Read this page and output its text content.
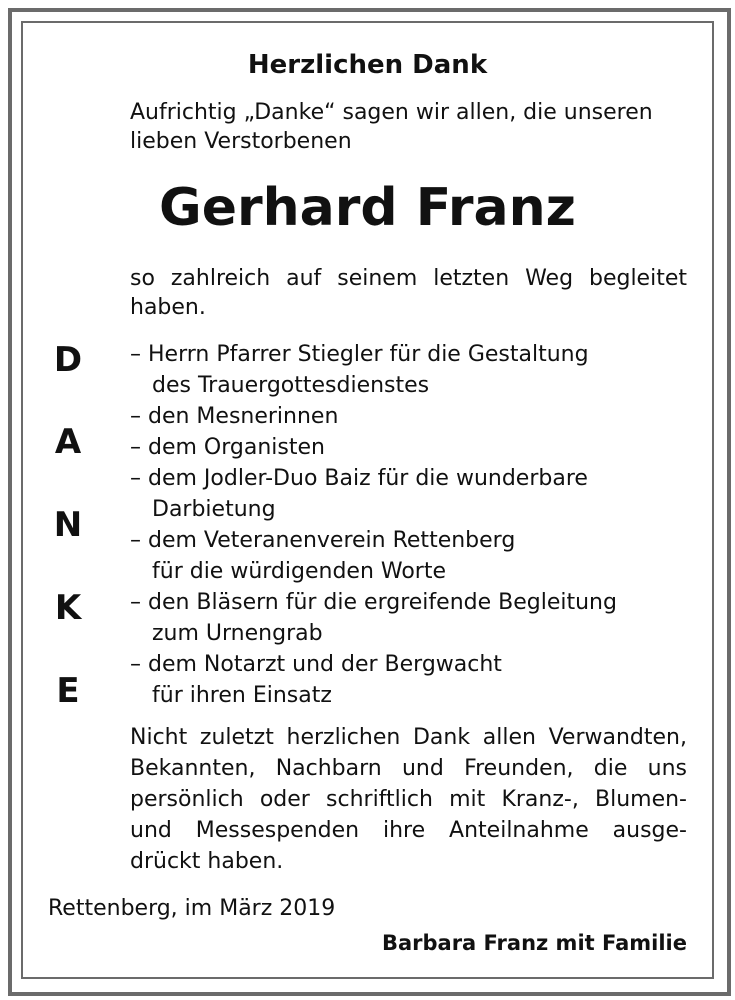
Herzlichen Dank
Aufrichtig „Danke“ sagen wir allen, die unseren
lieben Verstorbenen
Gerhard Franz
so zahlreich auf seinem letzten Weg begleitet
haben.
D
A
N
K
E
– Herrn Pfarrer Stiegler für die Gestaltung
des Trauergottesdienstes
– den Mesnerinnen
– dem Organisten
– dem Jodler-Duo Baiz für die wunderbare
Darbietung
– dem Veteranenverein Rettenberg
für die würdigenden Worte
– den Bläsern für die ergreifende Begleitung
zum Urnengrab
– dem Notarzt und der Bergwacht
für ihren Einsatz
Nicht zuletzt herzlichen Dank allen Verwandten, Bekannten, Nachbarn und Freunden, die uns persönlich oder schriftlich mit Kranz-, Blumen- und Messespenden ihre Anteilnahme ausge-drückt haben.
Rettenberg, im März 2019
Barbara Franz mit Familie
